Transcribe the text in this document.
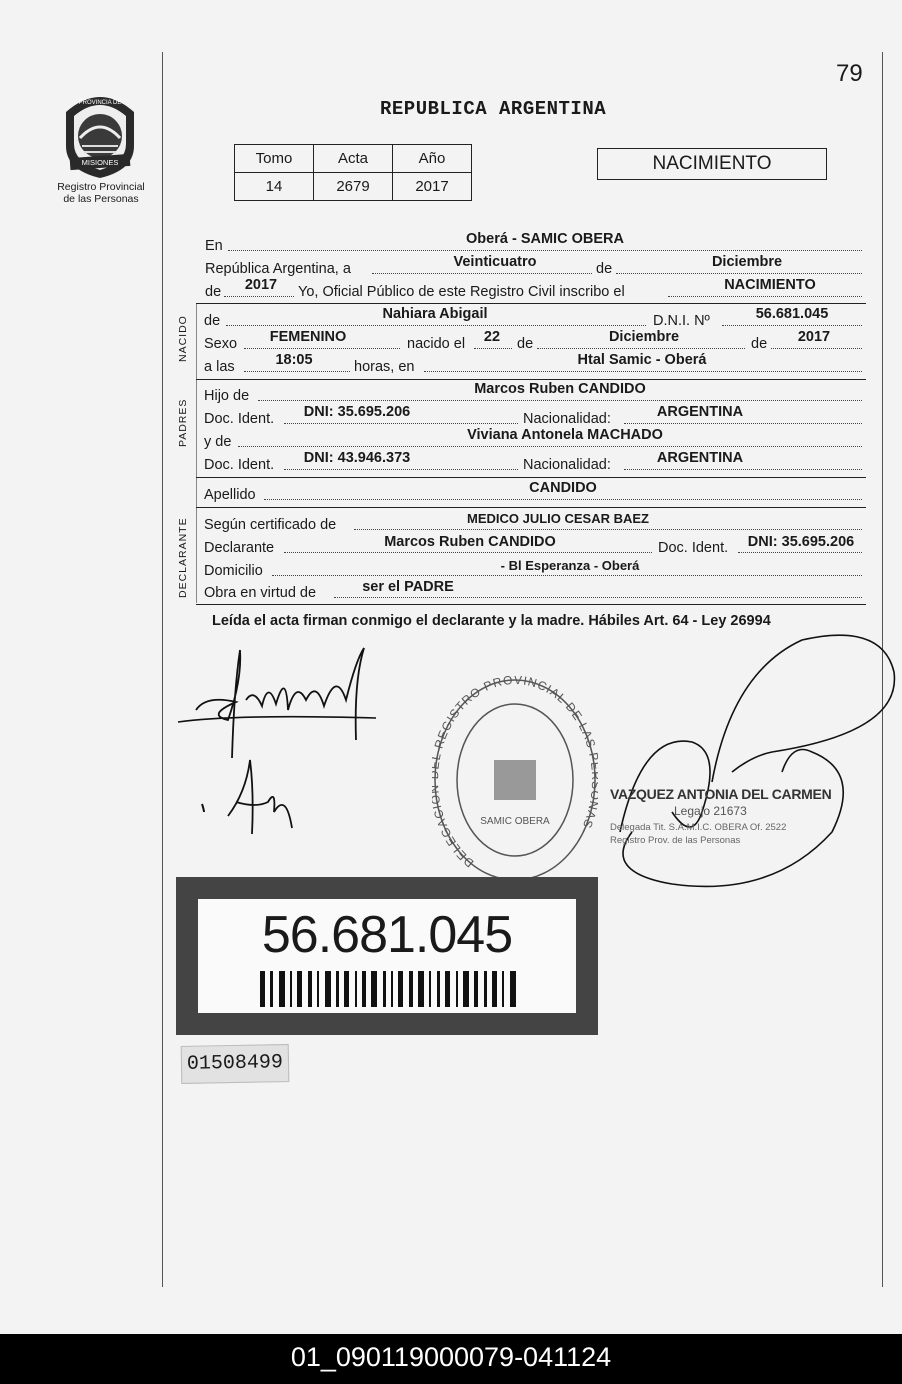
79
REPUBLICA ARGENTINA
MISIONES
PROVINCIA DE
Registro Provincial
de las Personas
Tomo	Acta	Año
14	2679	2017
NACIMIENTO
En	Oberá - SAMIC OBERA
República Argentina, a	Veinticuatro	de	Diciembre
de	2017	Yo, Oficial Público de este Registro Civil inscribo el	NACIMIENTO
NACIDO de	Nahiara Abigail	D.N.I. Nº	56.681.045
Sexo	FEMENINO	nacido el	22	de	Diciembre	de	2017
a las	18:05	horas, en	Htal Samic - Oberá
PADRES
Hijo de	Marcos Ruben CANDIDO
Doc. Ident.	DNI: 35.695.206	Nacionalidad:	ARGENTINA
y de	Viviana Antonela MACHADO
Doc. Ident.	DNI: 43.946.373	Nacionalidad:	ARGENTINA
Apellido	CANDIDO
DECLARANTE Según certificado de	MEDICO JULIO CESAR BAEZ
Declarante	Marcos Ruben CANDIDO	Doc. Ident.	DNI: 35.695.206
Domicilio	- Bl Esperanza - Oberá
Obra en virtud de	ser el PADRE
Leída el acta firman conmigo el declarante y la madre. Hábiles Art. 64 - Ley 26994
DELEGAC REGISTRO PROVINCIAL DE LAS AS
SAMIC OBERA
VAZQUEZ ANTONIA DEL CARMEN
Legajo 21673
Delegada Tit. S.A.M.I.C. OBERA Of. 2522
Registro Prov. de las Personas
56.681.045
01508499
01_090119000079-041124
